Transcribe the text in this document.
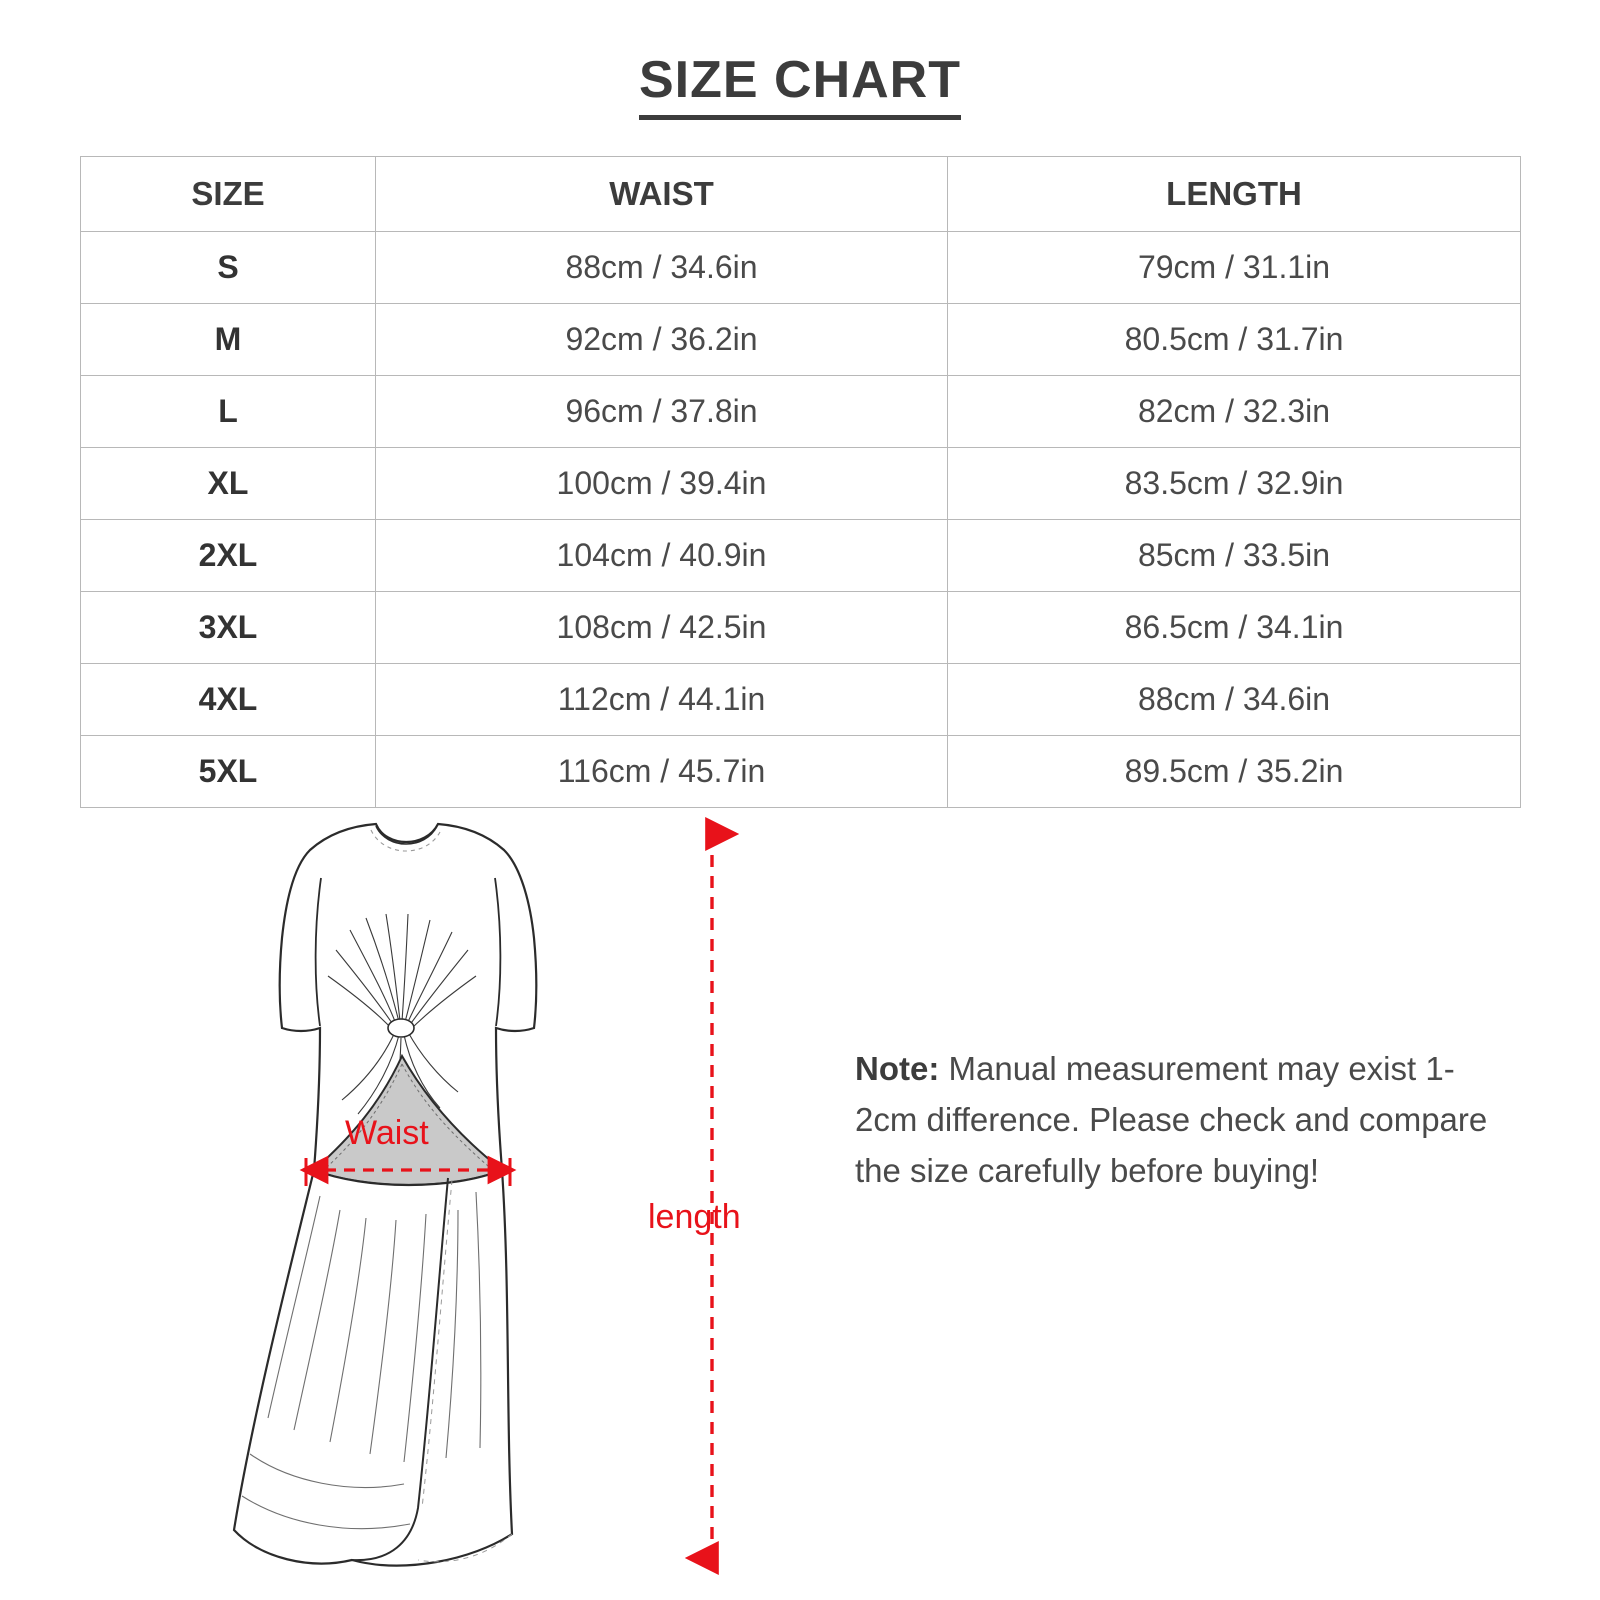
SIZE CHART
SIZE	WAIST	LENGTH
S	88cm / 34.6in	79cm / 31.1in
M	92cm / 36.2in	80.5cm / 31.7in
L	96cm / 37.8in	82cm / 32.3in
XL	100cm / 39.4in	83.5cm / 32.9in
2XL	104cm / 40.9in	85cm / 33.5in
3XL	108cm / 42.5in	86.5cm / 34.1in
4XL	112cm / 44.1in	88cm / 34.6in
5XL	116cm / 45.7in	89.5cm / 35.2in
Waist
length
Note: Manual measurement may exist 1-2cm difference. Please check and compare the size carefully before buying!
